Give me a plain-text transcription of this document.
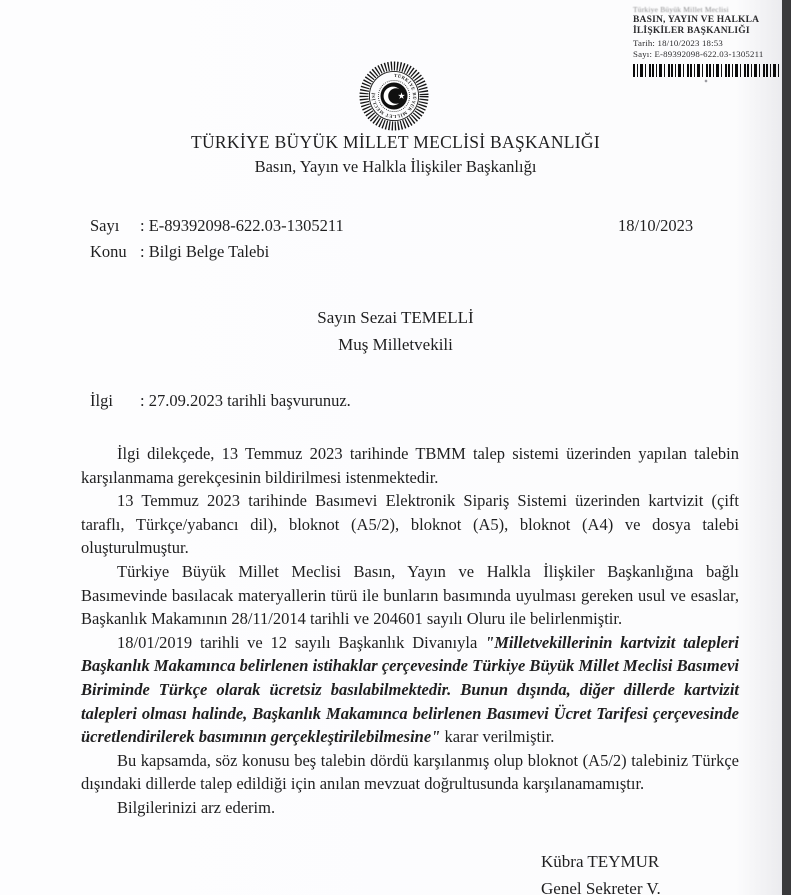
Türkiye Büyük Millet Meclisi
BASIN, YAYIN VE HALKLA
İLİŞKİLER BAŞKANLIĞI
Tarih: 18/10/2023 18:53
Sayı: E-89392098-622.03-1305211
TÜRKİYE BÜYÜK MİLLET MECLİSİ
TÜRKİYE BÜYÜK MİLLET MECLİSİ BAŞKANLIĞI
Basın, Yayın ve Halkla İlişkiler Başkanlığı
Sayı	: E-89392098-622.03-1305211
Konu : Bilgi Belge Talebi
18/10/2023
Sayın Sezai TEMELLİ
Muş Milletvekili
İlgi	: 27.09.2023 tarihli başvurunuz.

İlgi dilekçede, 13 Temmuz 2023 tarihinde TBMM talep sistemi üzerinden yapılan talebin karşılanmama gerekçesinin bildirilmesi istenmektedir.

13 Temmuz 2023 tarihinde Basımevi Elektronik Sipariş Sistemi üzerinden kartvizit (çift taraflı, Türkçe/yabancı dil), bloknot (A5/2), bloknot (A5), bloknot (A4) ve dosya talebi oluşturulmuştur.

Türkiye Büyük Millet Meclisi Basın, Yayın ve Halkla İlişkiler Başkanlığına bağlı Basımevinde basılacak materyallerin türü ile bunların basımında uyulması gereken usul ve esaslar, Başkanlık Makamının 28/11/2014 tarihli ve 204601 sayılı Oluru ile belirlenmiştir.

18/01/2019 tarihli ve 12 sayılı Başkanlık Divanıyla "Milletvekillerinin kartvizit talepleri Başkanlık Makamınca belirlenen istihaklar çerçevesinde Türkiye Büyük Millet Meclisi Basımevi Biriminde Türkçe olarak ücretsiz basılabilmektedir. Bunun dışında, diğer dillerde kartvizit talepleri olması halinde, Başkanlık Makamınca belirlenen Basımevi Ücret Tarifesi çerçevesinde ücretlendirilerek basımının gerçekleştirilebilmesine" karar verilmiştir.

Bu kapsamda, söz konusu beş talebin dördü karşılanmış olup bloknot (A5/2) talebiniz Türkçe dışındaki dillerde talep edildiği için anılan mevzuat doğrultusunda karşılanamamıştır.

Bilgilerinizi arz ederim.

Kübra TEYMUR
Genel Sekreter V.
